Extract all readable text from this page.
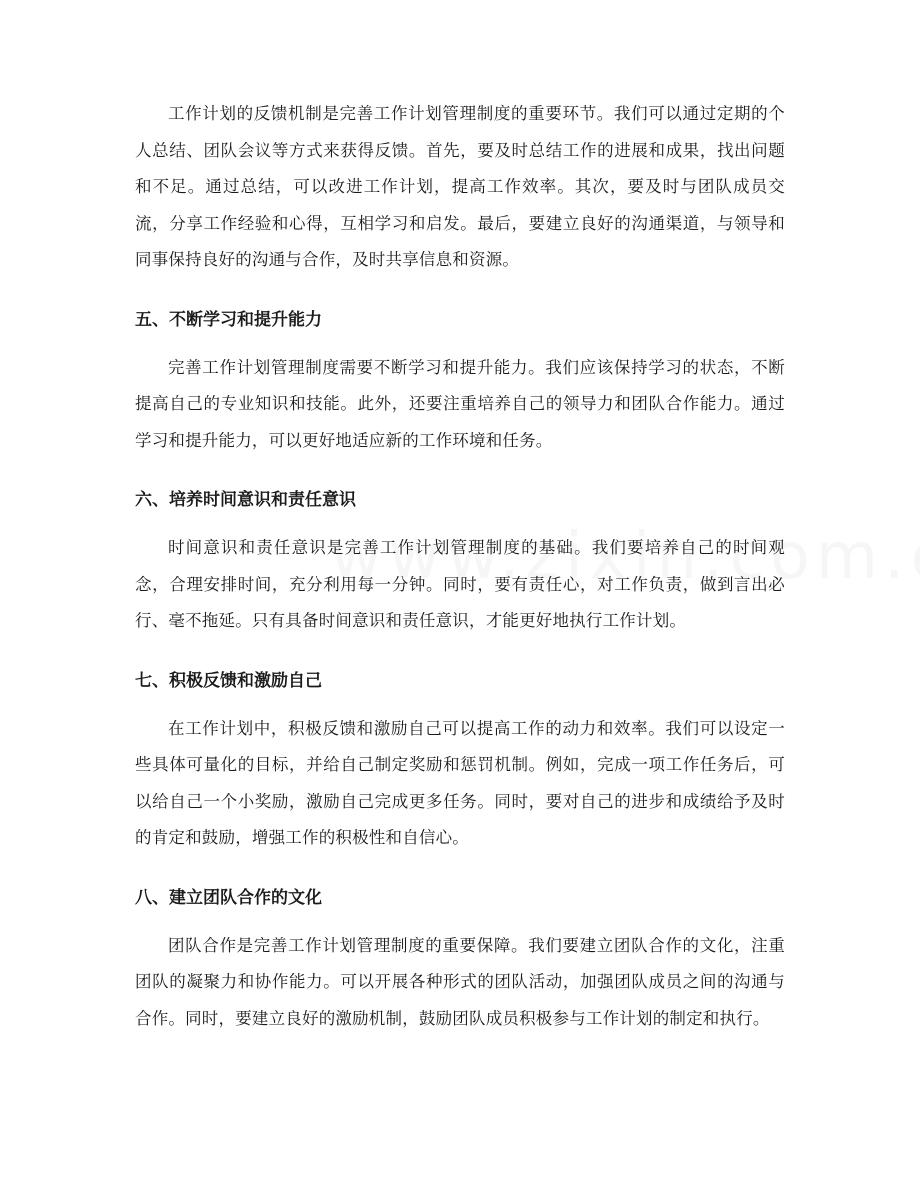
工作计划的反馈机制是完善工作计划管理制度的重要环节。我们可以通过定期的个人总结、团队会议等方式来获得反馈。首先，要及时总结工作的进展和成果，找出问题和不足。通过总结，可以改进工作计划，提高工作效率。其次，要及时与团队成员交流，分享工作经验和心得，互相学习和启发。最后，要建立良好的沟通渠道，与领导和同事保持良好的沟通与合作，及时共享信息和资源。

五、不断学习和提升能力

完善工作计划管理制度需要不断学习和提升能力。我们应该保持学习的状态，不断提高自己的专业知识和技能。此外，还要注重培养自己的领导力和团队合作能力。通过学习和提升能力，可以更好地适应新的工作环境和任务。

六、培养时间意识和责任意识

时间意识和责任意识是完善工作计划管理制度的基础。我们要培养自己的时间观念，合理安排时间，充分利用每一分钟。同时，要有责任心，对工作负责，做到言出必行、毫不拖延。只有具备时间意识和责任意识，才能更好地执行工作计划。

七、积极反馈和激励自己

在工作计划中，积极反馈和激励自己可以提高工作的动力和效率。我们可以设定一些具体可量化的目标，并给自己制定奖励和惩罚机制。例如，完成一项工作任务后，可以给自己一个小奖励，激励自己完成更多任务。同时，要对自己的进步和成绩给予及时的肯定和鼓励，增强工作的积极性和自信心。

八、建立团队合作的文化

团队合作是完善工作计划管理制度的重要保障。我们要建立团队合作的文化，注重团队的凝聚力和协作能力。可以开展各种形式的团队活动，加强团队成员之间的沟通与合作。同时，要建立良好的激励机制，鼓励团队成员积极参与工作计划的制定和执行。
